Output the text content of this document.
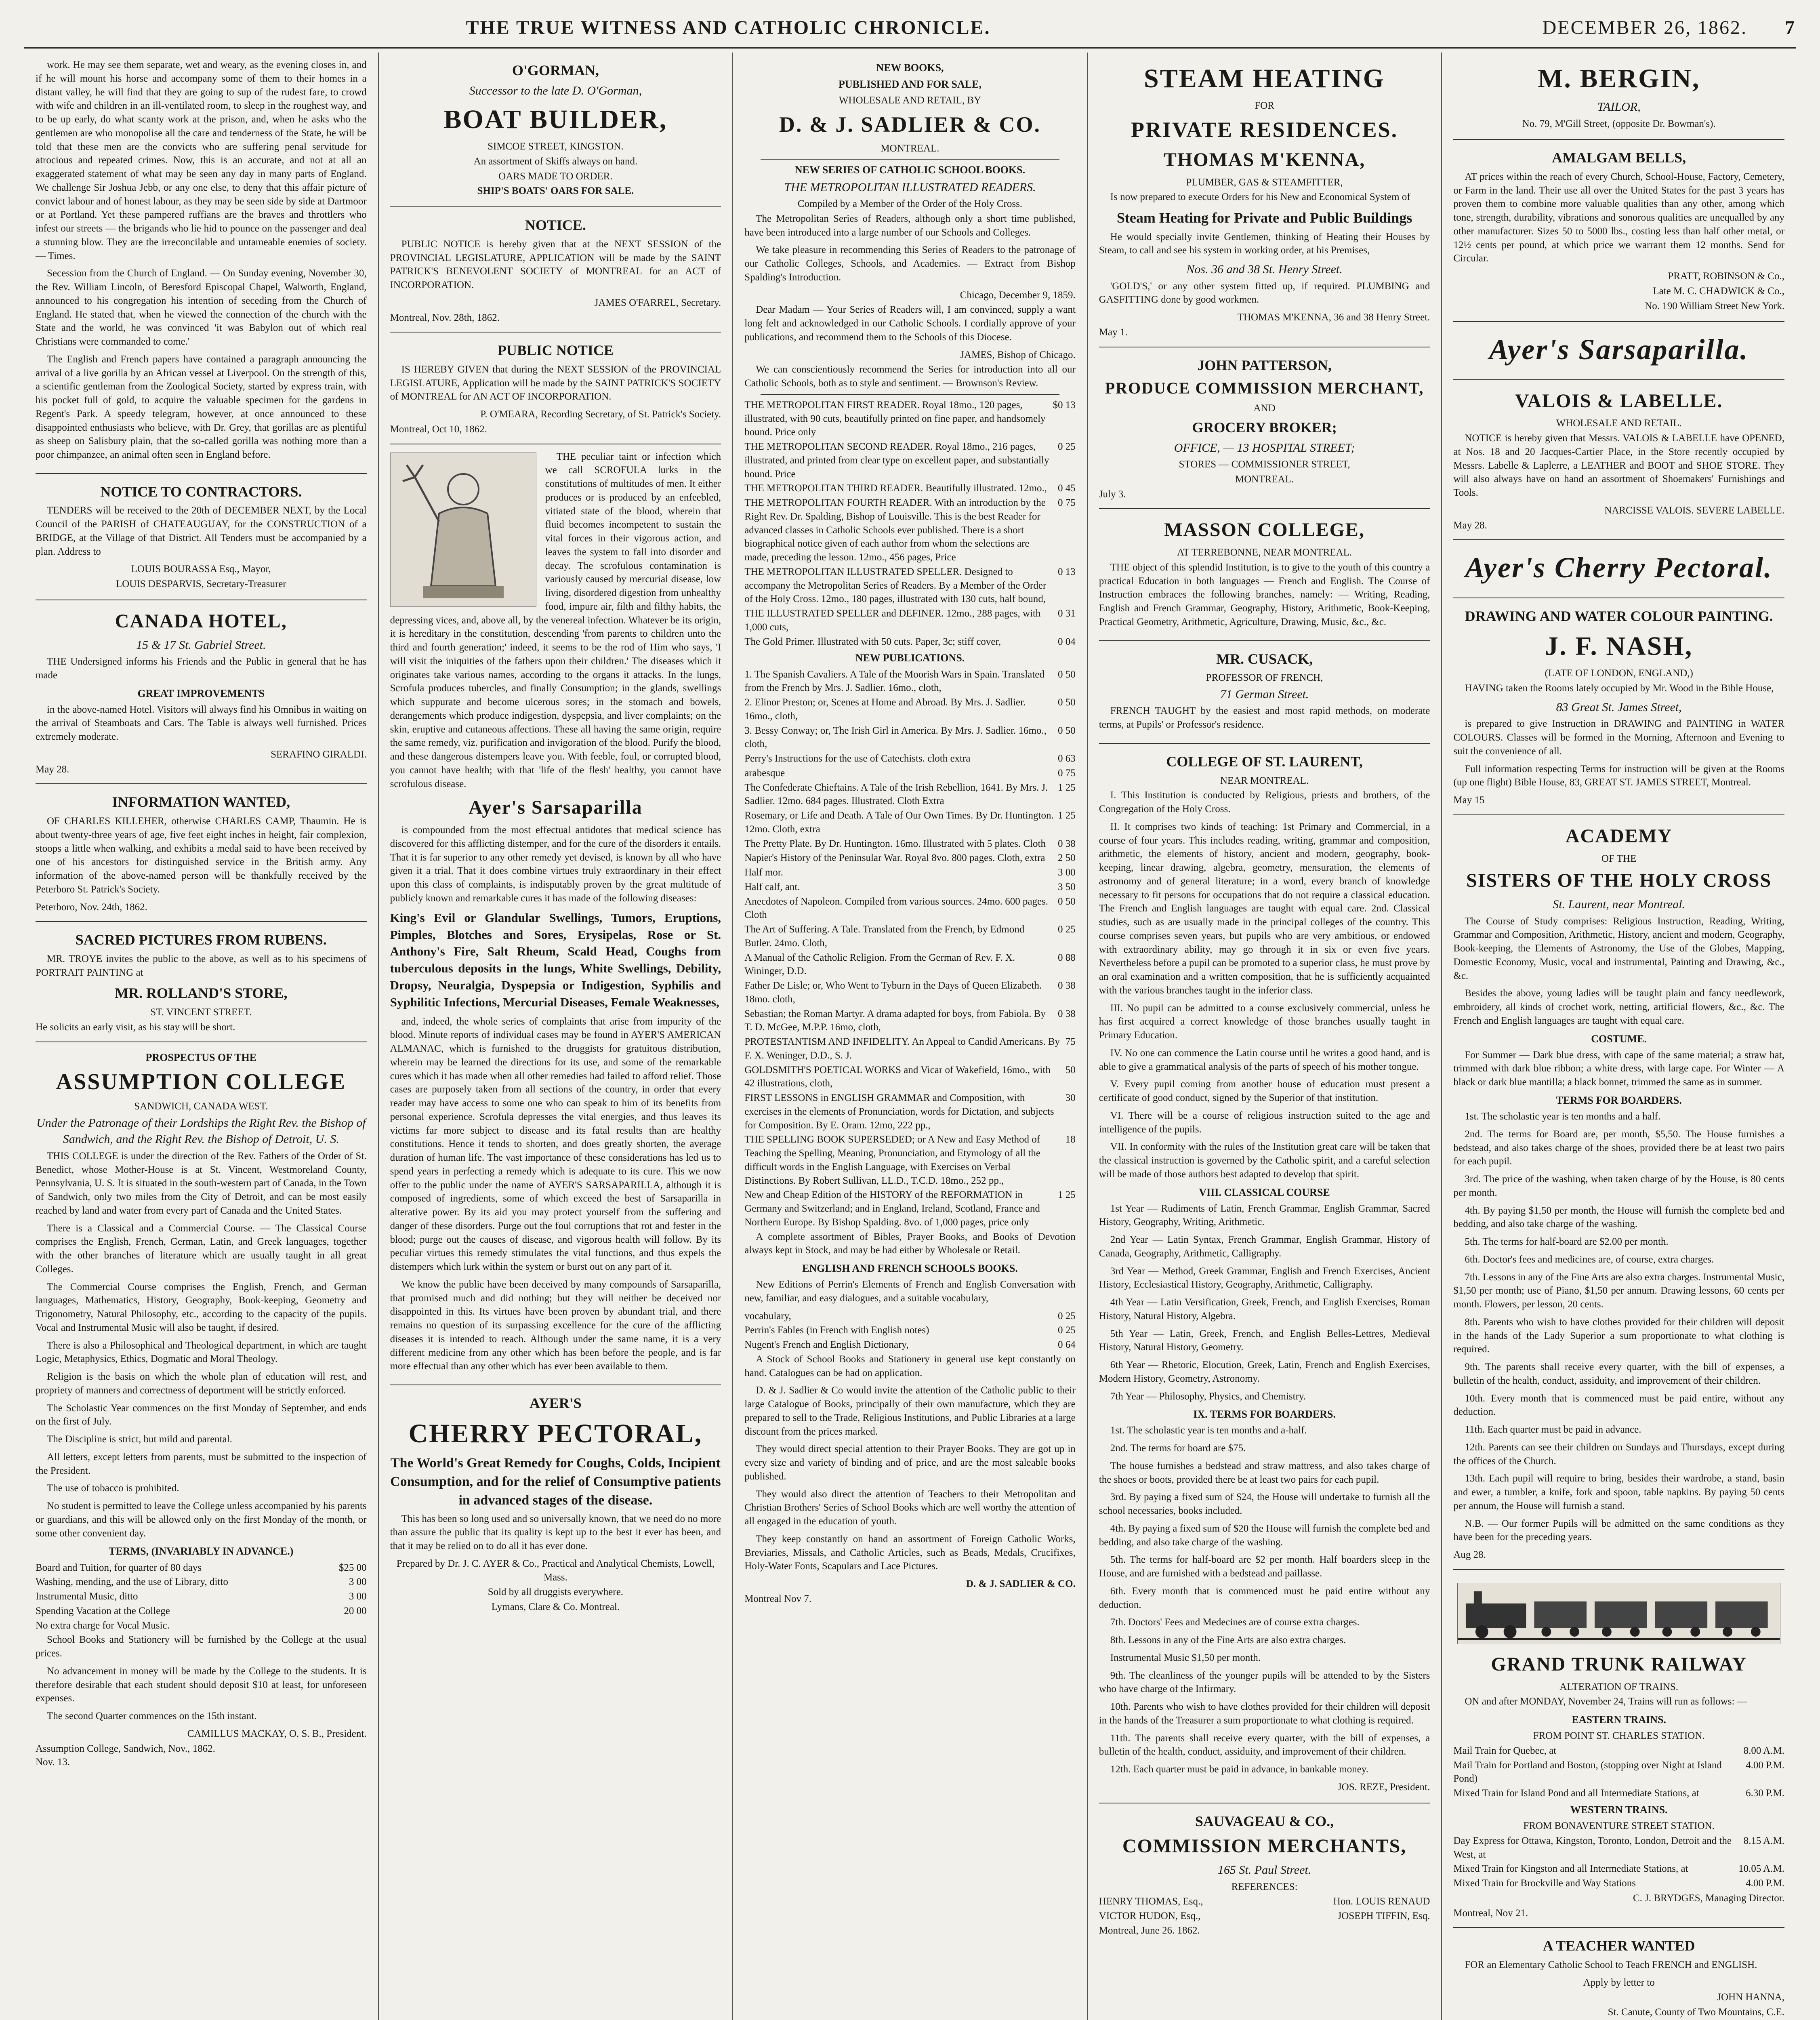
THE TRUE WITNESS AND CATHOLIC CHRONICLE.	DECEMBER 26, 1862.	7

work. He may see them separate, wet and weary, as the evening closes in, and if he will mount his horse and accompany some of them to their homes in a distant valley, he will find that they are going to sup of the rudest fare, to crowd with wife and children in an ill-ventilated room, to sleep in the roughest way, and to be up early, do what scanty work at the prison, and, when he asks who the gentlemen are who monopolise all the care and tenderness of the State, he will be told that these men are the convicts who are suffering penal servitude for atrocious and repeated crimes. Now, this is an accurate, and not at all an exaggerated statement of what may be seen any day in many parts of England. We challenge Sir Joshua Jebb, or any one else, to deny that this affair picture of convict labour and of honest labour, as they may be seen side by side at Dartmoor or at Portland. Yet these pampered ruffians are the braves and throttlers who infest our streets — the brigands who lie hid to pounce on the passenger and deal a stunning blow. They are the irreconcilable and untameable enemies of society. — Times.

Secession from the Church of England. — On Sunday evening, November 30, the Rev. William Lincoln, of Beresford Episcopal Chapel, Walworth, England, announced to his congregation his intention of seceding from the Church of England. He stated that, when he viewed the connection of the church with the State and the world, he was convinced 'it was Babylon out of which real Christians were commanded to come.'

The English and French papers have contained a paragraph announcing the arrival of a live gorilla by an African vessel at Liverpool. On the strength of this, a scientific gentleman from the Zoological Society, started by express train, with his pocket full of gold, to acquire the valuable specimen for the gardens in Regent's Park. A speedy telegram, however, at once announced to these disappointed enthusiasts who believe, with Dr. Grey, that gorillas are as plentiful as sheep on Salisbury plain, that the so-called gorilla was nothing more than a poor chimpanzee, an animal often seen in England before.

NOTICE TO CONTRACTORS.

TENDERS will be received to the 20th of DECEMBER NEXT, by the Local Council of the PARISH of CHATEAUGUAY, for the CONSTRUCTION of a BRIDGE, at the Village of that District. All Tenders must be accompanied by a plan. Address to

LOUIS BOURASSA Esq., Mayor,
LOUIS DESPARVIS, Secretary-Treasurer
CANADA HOTEL,
15 & 17 St. Gabriel Street.

THE Undersigned informs his Friends and the Public in general that he has made

GREAT IMPROVEMENTS

in the above-named Hotel. Visitors will always find his Omnibus in waiting on the arrival of Steamboats and Cars. The Table is always well furnished. Prices extremely moderate.

SERAFINO GIRALDI.
May 28.
INFORMATION WANTED,

OF CHARLES KILLEHER, otherwise CHARLES CAMP, Thaumin. He is about twenty-three years of age, five feet eight inches in height, fair complexion, stoops a little when walking, and exhibits a medal said to have been received by one of his ancestors for distinguished service in the British army. Any information of the above-named person will be thankfully received by the Peterboro St. Patrick's Society.

Peterboro, Nov. 24th, 1862.
SACRED PICTURES FROM RUBENS.

MR. TROYE invites the public to the above, as well as to his specimens of PORTRAIT PAINTING at

MR. ROLLAND'S STORE,
ST. VINCENT STREET.
He solicits an early visit, as his stay will be short.
PROSPECTUS OF THE
ASSUMPTION COLLEGE
SANDWICH, CANADA WEST.
Under the Patronage of their Lordships the Right Rev. the Bishop of Sandwich, and the Right Rev. the Bishop of Detroit, U. S.

THIS COLLEGE is under the direction of the Rev. Fathers of the Order of St. Benedict, whose Mother-House is at St. Vincent, Westmoreland County, Pennsylvania, U. S. It is situated in the south-western part of Canada, in the Town of Sandwich, only two miles from the City of Detroit, and can be most easily reached by land and water from every part of Canada and the United States.

There is a Classical and a Commercial Course. — The Classical Course comprises the English, French, German, Latin, and Greek languages, together with the other branches of literature which are usually taught in all great Colleges.

The Commercial Course comprises the English, French, and German languages, Mathematics, History, Geography, Book-keeping, Geometry and Trigonometry, Natural Philosophy, etc., according to the capacity of the pupils. Vocal and Instrumental Music will also be taught, if desired.

There is also a Philosophical and Theological department, in which are taught Logic, Metaphysics, Ethics, Dogmatic and Moral Theology.

Religion is the basis on which the whole plan of education will rest, and propriety of manners and correctness of deportment will be strictly enforced.

The Scholastic Year commences on the first Monday of September, and ends on the first of July.

The Discipline is strict, but mild and parental.

All letters, except letters from parents, must be submitted to the inspection of the President.

The use of tobacco is prohibited.

No student is permitted to leave the College unless accompanied by his parents or guardians, and this will be allowed only on the first Monday of the month, or some other convenient day.

TERMS, (INVARIABLY IN ADVANCE.)
Board and Tuition, for quarter of 80 days	$25 00
Washing, mending, and the use of Library, ditto	3 00
Instrumental Music, ditto	3 00
Spending Vacation at the College	20 00
No extra charge for Vocal Music.

School Books and Stationery will be furnished by the College at the usual prices.

No advancement in money will be made by the College to the students. It is therefore desirable that each student should deposit $10 at least, for unforeseen expenses.

The second Quarter commences on the 15th instant.

CAMILLUS MACKAY, O. S. B., President.
Assumption College, Sandwich, Nov., 1862.
Nov. 13.
O'GORMAN,
Successor to the late D. O'Gorman,
BOAT BUILDER,
SIMCOE STREET, KINGSTON.
An assortment of Skiffs always on hand.
OARS MADE TO ORDER.
SHIP'S BOATS' OARS FOR SALE.
NOTICE.

PUBLIC NOTICE is hereby given that at the NEXT SESSION of the PROVINCIAL LEGISLATURE, APPLICATION will be made by the SAINT PATRICK'S BENEVOLENT SOCIETY of MONTREAL for an ACT of INCORPORATION.

JAMES O'FARREL, Secretary.
Montreal, Nov. 28th, 1862.
PUBLIC NOTICE

IS HEREBY GIVEN that during the NEXT SESSION of the PROVINCIAL LEGISLATURE, Application will be made by the SAINT PATRICK'S SOCIETY of MONTREAL for AN ACT OF INCORPORATION.

P. O'MEARA, Recording Secretary, of St. Patrick's Society.
Montreal, Oct 10, 1862.

THE peculiar taint or infection which we call SCROFULA lurks in the constitutions of multitudes of men. It either produces or is produced by an enfeebled, vitiated state of the blood, wherein that fluid becomes incompetent to sustain the vital forces in their vigorous action, and leaves the system to fall into disorder and decay. The scrofulous contamination is variously caused by mercurial disease, low living, disordered digestion from unhealthy food, impure air, filth and filthy habits, the depressing vices, and, above all, by the venereal infection. Whatever be its origin, it is hereditary in the constitution, descending 'from parents to children unto the third and fourth generation;' indeed, it seems to be the rod of Him who says, 'I will visit the iniquities of the fathers upon their children.' The diseases which it originates take various names, according to the organs it attacks. In the lungs, Scrofula produces tubercles, and finally Consumption; in the glands, swellings which suppurate and become ulcerous sores; in the stomach and bowels, derangements which produce indigestion, dyspepsia, and liver complaints; on the skin, eruptive and cutaneous affections. These all having the same origin, require the same remedy, viz. purification and invigoration of the blood. Purify the blood, and these dangerous distempers leave you. With feeble, foul, or corrupted blood, you cannot have health; with that 'life of the flesh' healthy, you cannot have scrofulous disease.

Ayer's Sarsaparilla

is compounded from the most effectual antidotes that medical science has discovered for this afflicting distemper, and for the cure of the disorders it entails. That it is far superior to any other remedy yet devised, is known by all who have given it a trial. That it does combine virtues truly extraordinary in their effect upon this class of complaints, is indisputably proven by the great multitude of publicly known and remarkable cures it has made of the following diseases:

King's Evil or Glandular Swellings, Tumors, Eruptions, Pimples, Blotches and Sores, Erysipelas, Rose or St. Anthony's Fire, Salt Rheum, Scald Head, Coughs from tuberculous deposits in the lungs, White Swellings, Debility, Dropsy, Neuralgia, Dyspepsia or Indigestion, Syphilis and Syphilitic Infections, Mercurial Diseases, Female Weaknesses,

and, indeed, the whole series of complaints that arise from impurity of the blood. Minute reports of individual cases may be found in AYER'S AMERICAN ALMANAC, which is furnished to the druggists for gratuitous distribution, wherein may be learned the directions for its use, and some of the remarkable cures which it has made when all other remedies had failed to afford relief. Those cases are purposely taken from all sections of the country, in order that every reader may have access to some one who can speak to him of its benefits from personal experience. Scrofula depresses the vital energies, and thus leaves its victims far more subject to disease and its fatal results than are healthy constitutions. Hence it tends to shorten, and does greatly shorten, the average duration of human life. The vast importance of these considerations has led us to spend years in perfecting a remedy which is adequate to its cure. This we now offer to the public under the name of AYER'S SARSAPARILLA, although it is composed of ingredients, some of which exceed the best of Sarsaparilla in alterative power. By its aid you may protect yourself from the suffering and danger of these disorders. Purge out the foul corruptions that rot and fester in the blood; purge out the causes of disease, and vigorous health will follow. By its peculiar virtues this remedy stimulates the vital functions, and thus expels the distempers which lurk within the system or burst out on any part of it.

We know the public have been deceived by many compounds of Sarsaparilla, that promised much and did nothing; but they will neither be deceived nor disappointed in this. Its virtues have been proven by abundant trial, and there remains no question of its surpassing excellence for the cure of the afflicting diseases it is intended to reach. Although under the same name, it is a very different medicine from any other which has been before the people, and is far more effectual than any other which has ever been available to them.

AYER'S
CHERRY PECTORAL,
The World's Great Remedy for Coughs, Colds, Incipient Consumption, and for the relief of Consumptive patients in advanced stages of the disease.

This has been so long used and so universally known, that we need do no more than assure the public that its quality is kept up to the best it ever has been, and that it may be relied on to do all it has ever done.

Prepared by Dr. J. C. AYER & Co., Practical and Analytical Chemists, Lowell, Mass.
Sold by all druggists everywhere.
Lymans, Clare & Co. Montreal.
NEW BOOKS,
PUBLISHED AND FOR SALE,
WHOLESALE AND RETAIL, BY
D. & J. SADLIER & CO.
MONTREAL.
NEW SERIES OF CATHOLIC SCHOOL BOOKS.
THE METROPOLITAN ILLUSTRATED READERS.
Compiled by a Member of the Order of the Holy Cross.

The Metropolitan Series of Readers, although only a short time published, have been introduced into a large number of our Schools and Colleges.

We take pleasure in recommending this Series of Readers to the patronage of our Catholic Colleges, Schools, and Academies. — Extract from Bishop Spalding's Introduction.

Chicago, December 9, 1859.

Dear Madam — Your Series of Readers will, I am convinced, supply a want long felt and acknowledged in our Catholic Schools. I cordially approve of your publications, and recommend them to the Schools of this Diocese.

JAMES, Bishop of Chicago.

We can conscientiously recommend the Series for introduction into all our Catholic Schools, both as to style and sentiment. — Brownson's Review.

THE METROPOLITAN FIRST READER. Royal 18mo., 120 pages, illustrated, with 90 cuts, beautifully printed on fine paper, and handsomely bound. Price only
$0 13
THE METROPOLITAN SECOND READER. Royal 18mo., 216 pages, illustrated, and printed from clear type on excellent paper, and substantially bound. Price
0 25
THE METROPOLITAN THIRD READER. Beautifully illustrated. 12mo., 0 45
THE METROPOLITAN FOURTH READER. With an introduction by the Right Rev. Dr. Spalding, Bishop of Louisville. This is the best Reader for advanced classes in Catholic Schools ever published. There is a short biographical notice given of each author from whom the selections are made, preceding the lesson. 12mo., 456 pages, Price
0 75
THE METROPOLITAN ILLUSTRATED SPELLER. Designed to accompany the Metropolitan Series of Readers. By a Member of the Order of the Holy Cross. 12mo., 180 pages, illustrated with 130 cuts, half bound,
0 13
THE ILLUSTRATED SPELLER and DEFINER. 12mo., 288 pages, with 1,000 cuts,
0 31
The Gold Primer. Illustrated with 50 cuts. Paper, 3c; stiff cover,	0 04
NEW PUBLICATIONS.
1. The Spanish Cavaliers. A Tale of the Moorish Wars in Spain. Translated from the French by Mrs. J. Sadlier. 16mo., cloth,
0 50
2. Elinor Preston; or, Scenes at Home and Abroad. By Mrs. J. Sadlier. 16mo., cloth,
0 50
3. Bessy Conway; or, The Irish Girl in America. By Mrs. J. Sadlier. 16mo., cloth,
0 50
Perry's Instructions for the use of Catechists. cloth extra	0 63
arabesque	0 75
The Confederate Chieftains. A Tale of the Irish Rebellion, 1641. By Mrs. J. Sadlier. 12mo. 684 pages. Illustrated. Cloth Extra
1 25
Rosemary, or Life and Death. A Tale of Our Own Times. By Dr. Huntington. 12mo. Cloth, extra
1 25
The Pretty Plate. By Dr. Huntington. 16mo. Illustrated with 5 plates. Cloth 0 38
Napier's History of the Peninsular War. Royal 8vo. 800 pages. Cloth, extra 2 50
Half mor.	3 00
Half calf, ant.	3 50
Anecdotes of Napoleon. Compiled from various sources. 24mo. 600 pages. Cloth
0 50
The Art of Suffering. A Tale. Translated from the French, by Edmond Butler. 24mo. Cloth,
0 25
A Manual of the Catholic Religion. From the German of Rev. F. X. Wininger, D.D.
0 88
Father De Lisle; or, Who Went to Tyburn in the Days of Queen Elizabeth. 18mo. cloth,
0 38
Sebastian; the Roman Martyr. A drama adapted for boys, from Fabiola. By T. D. McGee, M.P.P. 16mo, cloth,
0 38
PROTESTANTISM AND INFIDELITY. An Appeal to Candid Americans. By F. X. Weninger, D.D., S. J.
75
GOLDSMITH'S POETICAL WORKS and Vicar of Wakefield, 16mo., with 42 illustrations, cloth,
50
FIRST LESSONS in ENGLISH GRAMMAR and Composition, with exercises in the elements of Pronunciation, words for Dictation, and subjects for Composition. By E. Oram. 12mo, 222 pp.,
30
THE SPELLING BOOK SUPERSEDED; or A New and Easy Method of Teaching the Spelling, Meaning, Pronunciation, and Etymology of all the difficult words in the English Language, with Exercises on Verbal Distinctions. By Robert Sullivan, LL.D., T.C.D. 18mo., 252 pp.,
18
New and Cheap Edition of the HISTORY of the REFORMATION in Germany and Switzerland; and in England, Ireland, Scotland, France and Northern Europe. By Bishop Spalding. 8vo. of 1,000 pages, price only
1 25

A complete assortment of Bibles, Prayer Books, and Books of Devotion always kept in Stock, and may be had either by Wholesale or Retail.

ENGLISH AND FRENCH SCHOOLS BOOKS.

New Editions of Perrin's Elements of French and English Conversation with new, familiar, and easy dialogues, and a suitable vocabulary,

vocabulary,	0 25
Perrin's Fables (in French with English notes)	0 25
Nugent's French and English Dictionary,	0 64

A Stock of School Books and Stationery in general use kept constantly on hand. Catalogues can be had on application.

D. & J. Sadlier & Co would invite the attention of the Catholic public to their large Catalogue of Books, principally of their own manufacture, which they are prepared to sell to the Trade, Religious Institutions, and Public Libraries at a large discount from the prices marked.

They would direct special attention to their Prayer Books. They are got up in every size and variety of binding and of price, and are the most saleable books published.

They would also direct the attention of Teachers to their Metropolitan and Christian Brothers' Series of School Books which are well worthy the attention of all engaged in the education of youth.

They keep constantly on hand an assortment of Foreign Catholic Works, Breviaries, Missals, and Catholic Articles, such as Beads, Medals, Crucifixes, Holy-Water Fonts, Scapulars and Lace Pictures.

D. & J. SADLIER & CO.
Montreal Nov 7.
STEAM HEATING
FOR
PRIVATE RESIDENCES.
THOMAS M'KENNA,
PLUMBER, GAS & STEAMFITTER,

Is now prepared to execute Orders for his New and Economical System of

Steam Heating for Private and Public Buildings

He would specially invite Gentlemen, thinking of Heating their Houses by Steam, to call and see his system in working order, at his Premises,

Nos. 36 and 38 St. Henry Street.

'GOLD'S,' or any other system fitted up, if required. PLUMBING and GASFITTING done by good workmen.

THOMAS M'KENNA, 36 and 38 Henry Street.
May 1.
JOHN PATTERSON,
PRODUCE COMMISSION MERCHANT,
AND
GROCERY BROKER;
OFFICE, — 13 HOSPITAL STREET;
STORES — COMMISSIONER STREET,
MONTREAL.
July 3.
MASSON COLLEGE,
AT TERREBONNE, NEAR MONTREAL.

THE object of this splendid Institution, is to give to the youth of this country a practical Education in both languages — French and English. The Course of Instruction embraces the following branches, namely: — Writing, Reading, English and French Grammar, Geography, History, Arithmetic, Book-Keeping, Practical Geometry, Arithmetic, Agriculture, Drawing, Music, &c., &c.

MR. CUSACK,
PROFESSOR OF FRENCH,
71 German Street.

FRENCH TAUGHT by the easiest and most rapid methods, on moderate terms, at Pupils' or Professor's residence.

COLLEGE OF ST. LAURENT,
NEAR MONTREAL.

I. This Institution is conducted by Religious, priests and brothers, of the Congregation of the Holy Cross.

II. It comprises two kinds of teaching: 1st Primary and Commercial, in a course of four years. This includes reading, writing, grammar and composition, arithmetic, the elements of history, ancient and modern, geography, book-keeping, linear drawing, algebra, geometry, mensuration, the elements of astronomy and of general literature; in a word, every branch of knowledge necessary to fit persons for occupations that do not require a classical education. The French and English languages are taught with equal care. 2nd. Classical studies, such as are usually made in the principal colleges of the country. This course comprises seven years, but pupils who are very ambitious, or endowed with extraordinary ability, may go through it in six or even five years. Nevertheless before a pupil can be promoted to a superior class, he must prove by an oral examination and a written composition, that he is sufficiently acquainted with the various branches taught in the inferior class.

III. No pupil can be admitted to a course exclusively commercial, unless he has first acquired a correct knowledge of those branches usually taught in Primary Education.

IV. No one can commence the Latin course until he writes a good hand, and is able to give a grammatical analysis of the parts of speech of his mother tongue.

V. Every pupil coming from another house of education must present a certificate of good conduct, signed by the Superior of that institution.

VI. There will be a course of religious instruction suited to the age and intelligence of the pupils.

VII. In conformity with the rules of the Institution great care will be taken that the classical instruction is governed by the Catholic spirit, and a careful selection will be made of those authors best adapted to develop that spirit.

VIII. CLASSICAL COURSE

1st Year — Rudiments of Latin, French Grammar, English Grammar, Sacred History, Geography, Writing, Arithmetic.

2nd Year — Latin Syntax, French Grammar, English Grammar, History of Canada, Geography, Arithmetic, Calligraphy.

3rd Year — Method, Greek Grammar, English and French Exercises, Ancient History, Ecclesiastical History, Geography, Arithmetic, Calligraphy.

4th Year — Latin Versification, Greek, French, and English Exercises, Roman History, Natural History, Algebra.

5th Year — Latin, Greek, French, and English Belles-Lettres, Medieval History, Natural History, Geometry.

6th Year — Rhetoric, Elocution, Greek, Latin, French and English Exercises, Modern History, Geometry, Astronomy.

7th Year — Philosophy, Physics, and Chemistry.

IX. TERMS FOR BOARDERS.

1st. The scholastic year is ten months and a-half.

2nd. The terms for board are $75.

The house furnishes a bedstead and straw mattress, and also takes charge of the shoes or boots, provided there be at least two pairs for each pupil.

3rd. By paying a fixed sum of $24, the House will undertake to furnish all the school necessaries, books included.

4th. By paying a fixed sum of $20 the House will furnish the complete bed and bedding, and also take charge of the washing.

5th. The terms for half-board are $2 per month. Half boarders sleep in the House, and are furnished with a bedstead and paillasse.

6th. Every month that is commenced must be paid entire without any deduction.

7th. Doctors' Fees and Medecines are of course extra charges.

8th. Lessons in any of the Fine Arts are also extra charges.

Instrumental Music $1,50 per month.

9th. The cleanliness of the younger pupils will be attended to by the Sisters who have charge of the Infirmary.

10th. Parents who wish to have clothes provided for their children will deposit in the hands of the Treasurer a sum proportionate to what clothing is required.

11th. The parents shall receive every quarter, with the bill of expenses, a bulletin of the health, conduct, assiduity, and improvement of their children.

12th. Each quarter must be paid in advance, in bankable money.

JOS. REZE, President.
SAUVAGEAU & CO.,
COMMISSION MERCHANTS,
165 St. Paul Street.
REFERENCES:
HENRY THOMAS, Esq.,	Hon. LOUIS RENAUD
VICTOR HUDON, Esq.,	JOSEPH TIFFIN, Esq.
Montreal, June 26. 1862.
M. BERGIN,
TAILOR,
No. 79, M'Gill Street, (opposite Dr. Bowman's).
AMALGAM BELLS,

AT prices within the reach of every Church, School-House, Factory, Cemetery, or Farm in the land. Their use all over the United States for the past 3 years has proven them to combine more valuable qualities than any other, among which tone, strength, durability, vibrations and sonorous qualities are unequalled by any other manufacturer. Sizes 50 to 5000 lbs., costing less than half other metal, or 12½ cents per pound, at which price we warrant them 12 months. Send for Circular.

PRATT, ROBINSON & Co.,
Late M. C. CHADWICK & Co.,
No. 190 William Street New York.
Ayer's Sarsaparilla.
VALOIS & LABELLE.
WHOLESALE AND RETAIL.

NOTICE is hereby given that Messrs. VALOIS & LABELLE have OPENED, at Nos. 18 and 20 Jacques-Cartier Place, in the Store recently occupied by Messrs. Labelle & Laplerre, a LEATHER and BOOT and SHOE STORE. They will also always have on hand an assortment of Shoemakers' Furnishings and Tools.

NARCISSE VALOIS. SEVERE LABELLE.
May 28.
Ayer's Cherry Pectoral.
DRAWING AND WATER COLOUR PAINTING.
J. F. NASH,
(LATE OF LONDON, ENGLAND,)

HAVING taken the Rooms lately occupied by Mr. Wood in the Bible House,

83 Great St. James Street,

is prepared to give Instruction in DRAWING and PAINTING in WATER COLOURS. Classes will be formed in the Morning, Afternoon and Evening to suit the convenience of all.

Full information respecting Terms for instruction will be given at the Rooms (up one flight) Bible House, 83, GREAT ST. JAMES STREET, Montreal.

May 15
ACADEMY
OF THE
SISTERS OF THE HOLY CROSS
St. Laurent, near Montreal.

The Course of Study comprises: Religious Instruction, Reading, Writing, Grammar and Composition, Arithmetic, History, ancient and modern, Geography, Book-keeping, the Elements of Astronomy, the Use of the Globes, Mapping, Domestic Economy, Music, vocal and instrumental, Painting and Drawing, &c., &c.

Besides the above, young ladies will be taught plain and fancy needlework, embroidery, all kinds of crochet work, netting, artificial flowers, &c., &c. The French and English languages are taught with equal care.

COSTUME.

For Summer — Dark blue dress, with cape of the same material; a straw hat, trimmed with dark blue ribbon; a white dress, with large cape. For Winter — A black or dark blue mantilla; a black bonnet, trimmed the same as in summer.

TERMS FOR BOARDERS.

1st. The scholastic year is ten months and a half.

2nd. The terms for Board are, per month, $5,50. The House furnishes a bedstead, and also takes charge of the shoes, provided there be at least two pairs for each pupil.

3rd. The price of the washing, when taken charge of by the House, is 80 cents per month.

4th. By paying $1,50 per month, the House will furnish the complete bed and bedding, and also take charge of the washing.

5th. The terms for half-board are $2.00 per month.

6th. Doctor's fees and medicines are, of course, extra charges.

7th. Lessons in any of the Fine Arts are also extra charges. Instrumental Music, $1,50 per month; use of Piano, $1,50 per annum. Drawing lessons, 60 cents per month. Flowers, per lesson, 20 cents.

8th. Parents who wish to have clothes provided for their children will deposit in the hands of the Lady Superior a sum proportionate to what clothing is required.

9th. The parents shall receive every quarter, with the bill of expenses, a bulletin of the health, conduct, assiduity, and improvement of their children.

10th. Every month that is commenced must be paid entire, without any deduction.

11th. Each quarter must be paid in advance.

12th. Parents can see their children on Sundays and Thursdays, except during the offices of the Church.

13th. Each pupil will require to bring, besides their wardrobe, a stand, basin and ewer, a tumbler, a knife, fork and spoon, table napkins. By paying 50 cents per annum, the House will furnish a stand.

N.B. — Our former Pupils will be admitted on the same conditions as they have been for the preceding years.

Aug 28.
GRAND TRUNK RAILWAY
ALTERATION OF TRAINS.

ON and after MONDAY, November 24, Trains will run as follows: —

EASTERN TRAINS.
FROM POINT ST. CHARLES STATION.
Mail Train for Quebec, at	8.00 A.M.
Mail Train for Portland and Boston, (stopping over Night at Island Pond)
4.00 P.M.
Mixed Train for Island Pond and all Intermediate Stations, at	6.30 P.M.
WESTERN TRAINS.
FROM BONAVENTURE STREET STATION.
Day Express for Ottawa, Kingston, Toronto, London, Detroit and the West, at
8.15 A.M.
Mixed Train for Kingston and all Intermediate Stations, at	10.05 A.M.
Mixed Train for Brockville and Way Stations	4.00 P.M.
C. J. BRYDGES, Managing Director.
Montreal, Nov 21.
A TEACHER WANTED

FOR an Elementary Catholic School to Teach FRENCH and ENGLISH.

Apply by letter to
JOHN HANNA,
St. Canute, County of Two Mountains, C.E.
